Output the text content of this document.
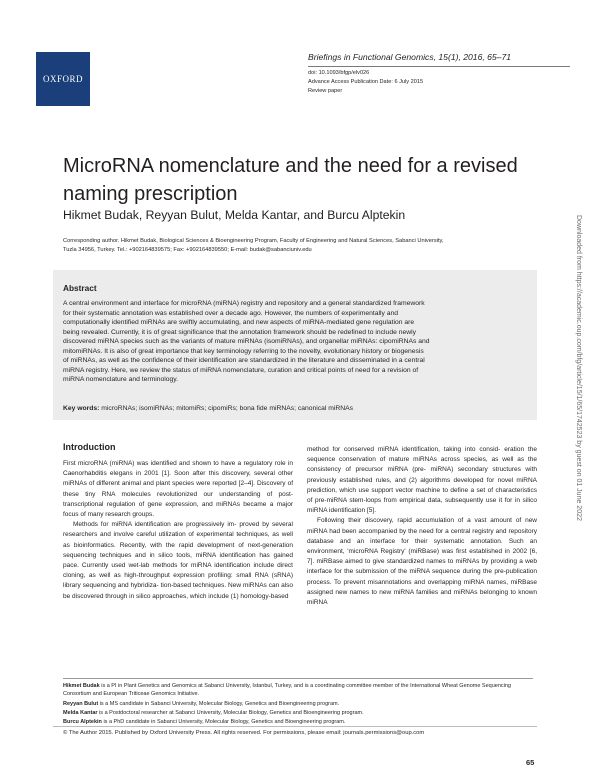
OXFORD
Briefings in Functional Genomics, 15(1), 2016, 65–71
doi: 10.1093/bfgp/elv026
Advance Access Publication Date: 6 July 2015
Review paper
MicroRNA nomenclature and the need for a revised
naming prescription
Hikmet Budak, Reyyan Bulut, Melda Kantar, and Burcu Alptekin
Corresponding author. Hikmet Budak, Biological Sciences & Bioengineering Program, Faculty of Engineering and Natural Sciences, Sabanci University,
Tuzla 34956, Turkey. Tel.: +902164839575; Fax: +902164839550; E-mail: budak@sabanciuniv.edu
Abstract
A central environment and interface for microRNA (miRNA) registry and repository and a general standardized framework
for their systematic annotation was established over a decade ago. However, the numbers of experimentally and
computationally identified miRNAs are swiftly accumulating, and new aspects of miRNA-mediated gene regulation are
being revealed. Currently, it is of great significance that the annotation framework should be redefined to include newly
discovered miRNA species such as the variants of mature miRNAs (isomiRNAs), and organellar miRNAs: cipomiRNAs and
mitomiRNAs. It is also of great importance that key terminology referring to the novelty, evolutionary history or biogenesis
of miRNAs, as well as the confidence of their identification are standardized in the literature and disseminated in a central
miRNA registry. Here, we review the status of miRNA nomenclature, curation and critical points of need for a revision of
miRNA nomenclature and terminology.
Key words: microRNAs; isomiRNAs; mitomiRs; cipomiRs; bona fide miRNAs; canonical miRNAs
Introduction

First microRNA (miRNA) was identified and shown to have a regulatory role in Caenorhabditis elegans in 2001 [1]. Soon after this discovery, several other miRNAs of different animal and plant species were reported [2–4]. Discovery of these tiny RNA molecules revolutionized our understanding of post-transcriptional regulation of gene expression, and miRNAs became a major focus of many research groups.

Methods for miRNA identification are progressively im- proved by several researchers and involve careful utilization of experimental techniques, as well as bioinformatics. Recently, with the rapid development of next-generation sequencing techniques and in silico tools, miRNA identification has gained pace. Currently used wet-lab methods for miRNA identification include direct cloning, as well as high-throughput expression profiling: small RNA (sRNA) library sequencing and hybridiza- tion-based techniques. New miRNAs can also be discovered through in silico approaches, which include (1) homology-based

method for conserved miRNA identification, taking into consid- eration the sequence conservation of mature miRNAs across species, as well as the consistency of precursor miRNA (pre- miRNA) secondary structures with previously established rules, and (2) algorithms developed for novel miRNA prediction, which use support vector machine to define a set of characteristics of pre-miRNA stem-loops from empirical data, subsequently use it for in silico miRNA identification [5].

Following their discovery, rapid accumulation of a vast amount of new miRNA had been accompanied by the need for a central registry and repository database and an interface for their systematic annotation. Such an environment, 'microRNA Registry' (miRBase) was first established in 2002 [6, 7]. miRBase aimed to give standardized names to miRNAs by providing a web interface for the submission of the miRNA sequence during the pre-publication process. To prevent misannotations and overlapping miRNA names, miRBase assigned new names to new miRNA families and miRNAs belonging to known miRNA

Hikmet Budak is a PI in Plant Genetics and Genomics at Sabanci University, Istanbul, Turkey, and is a coordinating committee member of the International Wheat Genome Sequencing Consortium and European Triticeae Genomics Initiative.
Reyyan Bulut is a MS candidate in Sabanci University, Molecular Biology, Genetics and Bioengineering program.
Melda Kantar is a Postdoctoral researcher at Sabanci University, Molecular Biology, Genetics and Bioengineering program.
Burcu Alptekin is a PhD candidate in Sabanci University, Molecular Biology, Genetics and Bioengineering program.
© The Author 2015. Published by Oxford University Press. All rights reserved. For permissions, please email: journals.permissions@oup.com
65
Downloaded from https://academic.oup.com/bfg/article/15/1/65/1742523 by guest on 01 June 2022
